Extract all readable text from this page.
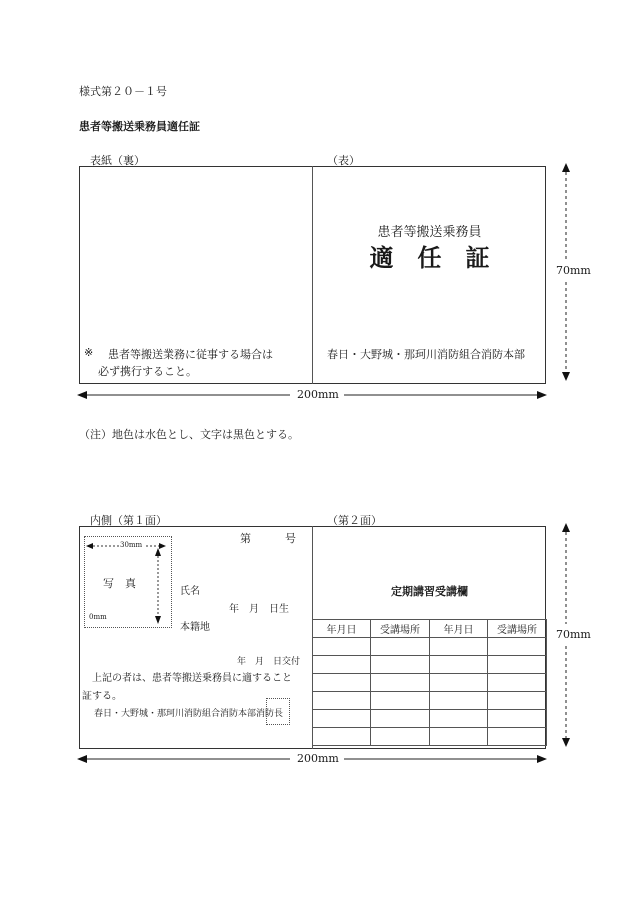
様式第２０－１号
患者等搬送乗務員適任証
表紙（裏）	（表）
※ 患者等搬送業務に従事する場合は
必ず携行すること。
患者等搬送乗務員
適　任　証
春日・大野城・那珂川消防組合消防本部
70mm
200mm
（注）地色は水色とし、文字は黒色とする。
内側（第１面）	（第２面）
第	号
30mm
写　真
0mm
氏名
年　月　日生
本籍地
年　月　日交付
上記の者は、患者等搬送乗務員に適すること
証する。
春日・大野城・那珂川消防組合消防本部消防長
定期講習受講欄
年月日	受講場所	年月日	受講場所

			70mm
200mm
